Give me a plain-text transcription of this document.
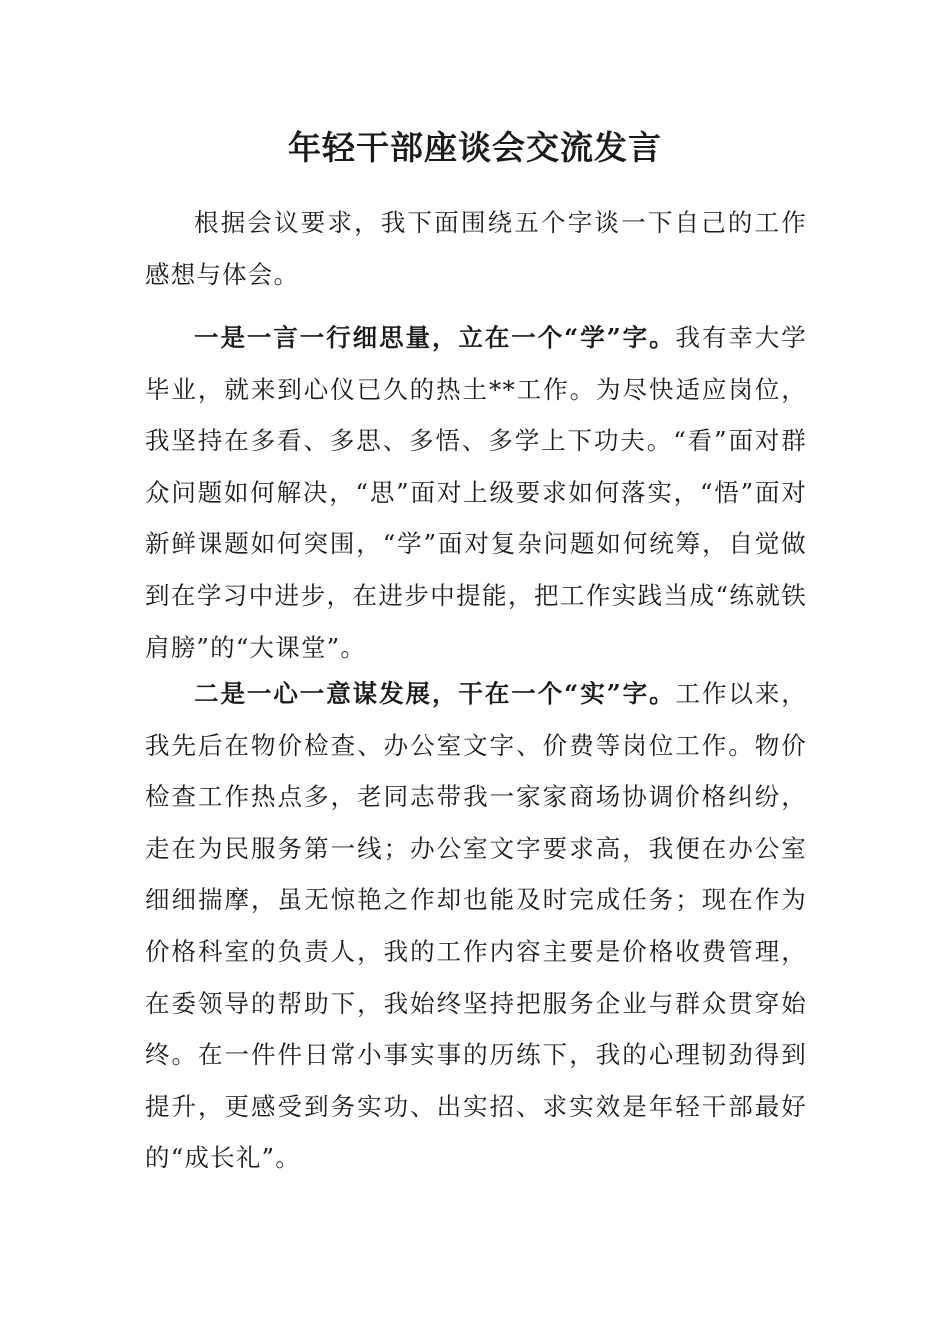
年轻干部座谈会交流发言

根据会议要求，我下面围绕五个字谈一下自己的工作感想与体会。

一是一言一行细思量，立在一个“学”字。我有幸大学毕业，就来到心仪已久的热土**工作。为尽快适应岗位，我坚持在多看、多思、多悟、多学上下功夫。“看”面对群众问题如何解决，“思”面对上级要求如何落实，“悟”面对新鲜课题如何突围，“学”面对复杂问题如何统筹，自觉做到在学习中进步，在进步中提能，把工作实践当成“练就铁肩膀”的“大课堂”。

二是一心一意谋发展，干在一个“实”字。工作以来，我先后在物价检查、办公室文字、价费等岗位工作。物价检查工作热点多，老同志带我一家家商场协调价格纠纷，走在为民服务第一线；办公室文字要求高，我便在办公室细细揣摩，虽无惊艳之作却也能及时完成任务；现在作为价格科室的负责人，我的工作内容主要是价格收费管理，在委领导的帮助下，我始终坚持把服务企业与群众贯穿始终。在一件件日常小事实事的历练下，我的心理韧劲得到提升，更感受到务实功、出实招、求实效是年轻干部最好的“成长礼”。
